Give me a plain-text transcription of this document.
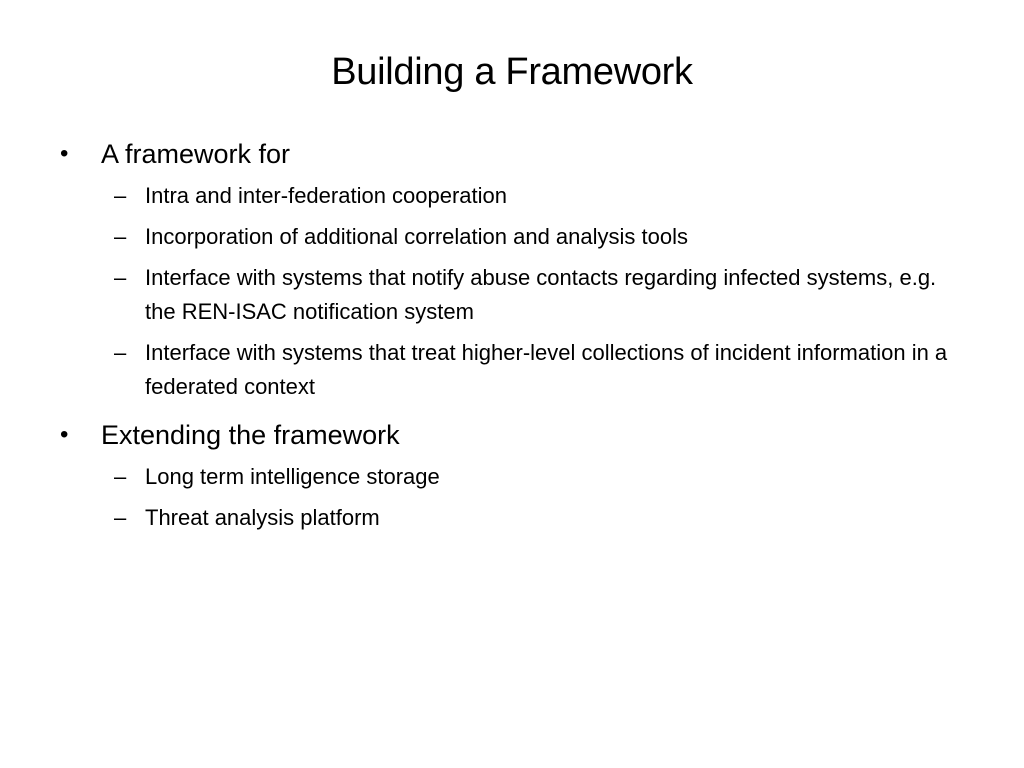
Building a Framework
• A framework for
– Intra and inter-federation cooperation
– Incorporation of additional correlation and analysis tools
– Interface with systems that notify abuse contacts regarding infected systems, e.g. the REN-ISAC notification system
– Interface with systems that treat higher-level collections of incident information in a federated context
• Extending the framework
– Long term intelligence storage
– Threat analysis platform
